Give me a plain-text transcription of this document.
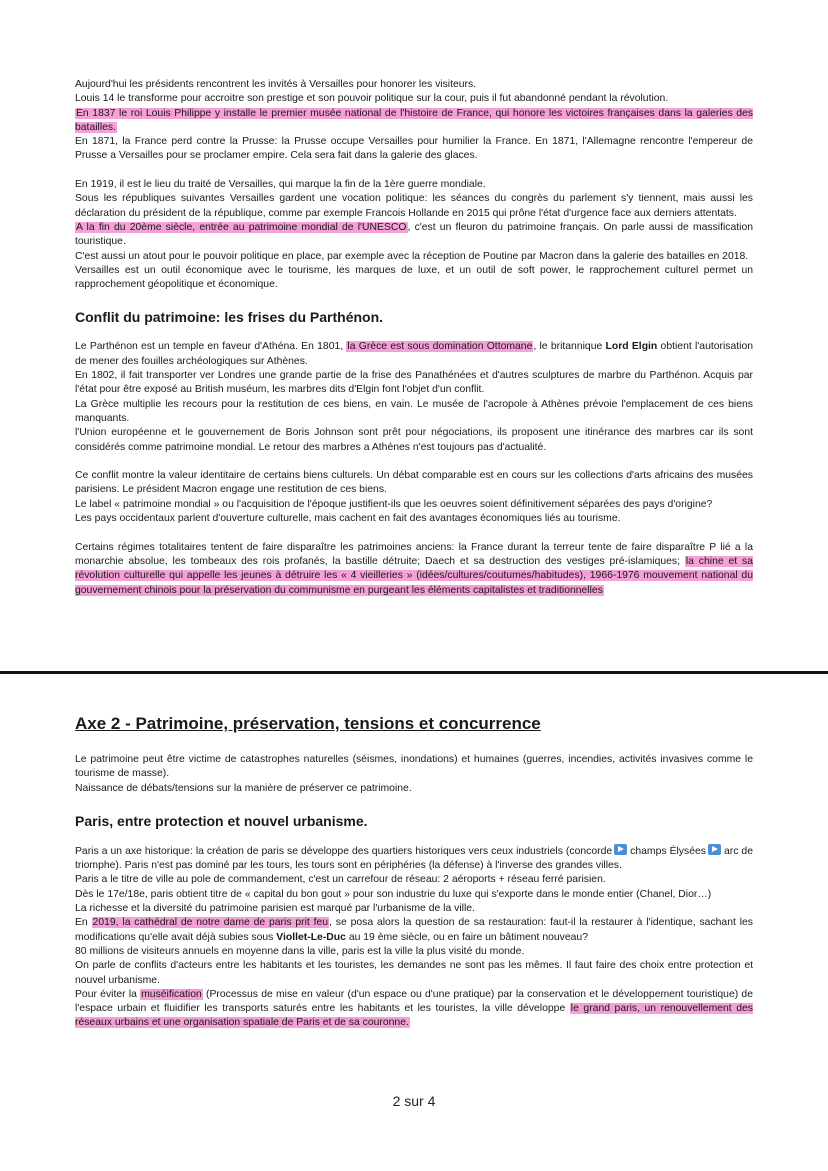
Aujourd'hui les présidents rencontrent les invités à Versailles pour honorer les visiteurs.

Louis 14 le transforme pour accroitre son prestige et son pouvoir politique sur la cour, puis il fut abandonné pendant la révolution.

En 1837 le roi Louis Philippe y installe le premier musée national de l'histoire de France, qui honore les victoires françaises dans la galeries des batailles.

En 1871, la France perd contre la Prusse: la Prusse occupe Versailles pour humilier la France. En 1871, l'Allemagne rencontre l'empereur de Prusse a Versailles pour se proclamer empire. Cela sera fait dans la galerie des glaces.

En 1919, il est le lieu du traité de Versailles, qui marque la fin de la 1ère guerre mondiale.

Sous les républiques suivantes Versailles gardent une vocation politique: les séances du congrès du parlement s'y tiennent, mais aussi les déclaration du président de la république, comme par exemple Francois Hollande en 2015 qui prône l'état d'urgence face aux derniers attentats.

A la fin du 20ème siècle, entrée au patrimoine mondial de l'UNESCO, c'est un fleuron du patrimoine français. On parle aussi de massification touristique.

C'est aussi un atout pour le pouvoir politique en place, par exemple avec la réception de Poutine par Macron dans la galerie des batailles en 2018.

Versailles est un outil économique avec le tourisme, les marques de luxe, et un outil de soft power, le rapprochement culturel permet un rapprochement géopolitique et économique.

Conflit du patrimoine: les frises du Parthénon.

Le Parthénon est un temple en faveur d'Athéna. En 1801, la Grèce est sous domination Ottomane, le britannique Lord Elgin obtient l'autorisation de mener des fouilles archéologiques sur Athènes.

En 1802, il fait transporter ver Londres une grande partie de la frise des Panathénées et d'autres sculptures de marbre du Parthénon. Acquis par l'état pour être exposé au British muséum, les marbres dits d'Elgin font l'objet d'un conflit.

La Grèce multiplie les recours pour la restitution de ces biens, en vain. Le musée de l'acropole à Athènes prévoie l'emplacement de ces biens manquants.

l'Union européenne et le gouvernement de Boris Johnson sont prêt pour négociations, ils proposent une itinérance des marbres car ils sont considérés comme patrimoine mondial. Le retour des marbres a Athènes n'est toujours pas d'actualité.

Ce conflit montre la valeur identitaire de certains biens culturels. Un débat comparable est en cours sur les collections d'arts africains des musées parisiens. Le président Macron engage une restitution de ces biens.

Le label « patrimoine mondial » ou l'acquisition de l'époque justifient-ils que les oeuvres soient définitivement séparées des pays d'origine?

Les pays occidentaux parlent d'ouverture culturelle, mais cachent en fait des avantages économiques liés au tourisme.

Certains régimes totalitaires tentent de faire disparaître les patrimoines anciens: la France durant la terreur tente de faire disparaître P lié a la monarchie absolue, les tombeaux des rois profanés, la bastille détruite; Daech et sa destruction des vestiges pré-islamiques; la chine et sa révolution culturelle qui appelle les jeunes à détruire les « 4 vieilleries » (idées/cultures/coutumes/habitudes), 1966-1976 mouvement national du gouvernement chinois pour la préservation du communisme en purgeant les éléments capitalistes et traditionnelles

Axe 2 - Patrimoine, préservation, tensions et concurrence

Le patrimoine peut être victime de catastrophes naturelles (séismes, inondations) et humaines (guerres, incendies, activités invasives comme le tourisme de masse).

Naissance de débats/tensions sur la manière de préserver ce patrimoine.

Paris, entre protection et nouvel urbanisme.

Paris a un axe historique: la création de paris se développe des quartiers historiques vers ceux industriels (concorde champs Élysées arc de triomphe). Paris n'est pas dominé par les tours, les tours sont en périphéries (la défense) à l'inverse des grandes villes.

Paris a le titre de ville au pole de commandement, c'est un carrefour de réseau: 2 aéroports + réseau ferré parisien.

Dès le 17e/18e, paris obtient titre de « capital du bon gout » pour son industrie du luxe qui s'exporte dans le monde entier (Chanel, Dior…)

La richesse et la diversité du patrimoine parisien est marqué par l'urbanisme de la ville.

En 2019, la cathédral de notre dame de paris prit feu, se posa alors la question de sa restauration: faut-il la restaurer à l'identique, sachant les modifications qu'elle avait déjà subies sous Viollet-Le-Duc au 19 ème siècle, ou en faire un bâtiment nouveau?

80 millions de visiteurs annuels en moyenne dans la ville, paris est la ville la plus visité du monde.

On parle de conflits d'acteurs entre les habitants et les touristes, les demandes ne sont pas les mêmes. Il faut faire des choix entre protection et nouvel urbanisme.

Pour éviter la muséification (Processus de mise en valeur (d'un espace ou d'une pratique) par la conservation et le développement touristique) de l'espace urbain et fluidifier les transports saturés entre les habitants et les touristes, la ville développe le grand paris, un renouvellement des réseaux urbains et une organisation spatiale de Paris et de sa couronne.

2 sur 4
